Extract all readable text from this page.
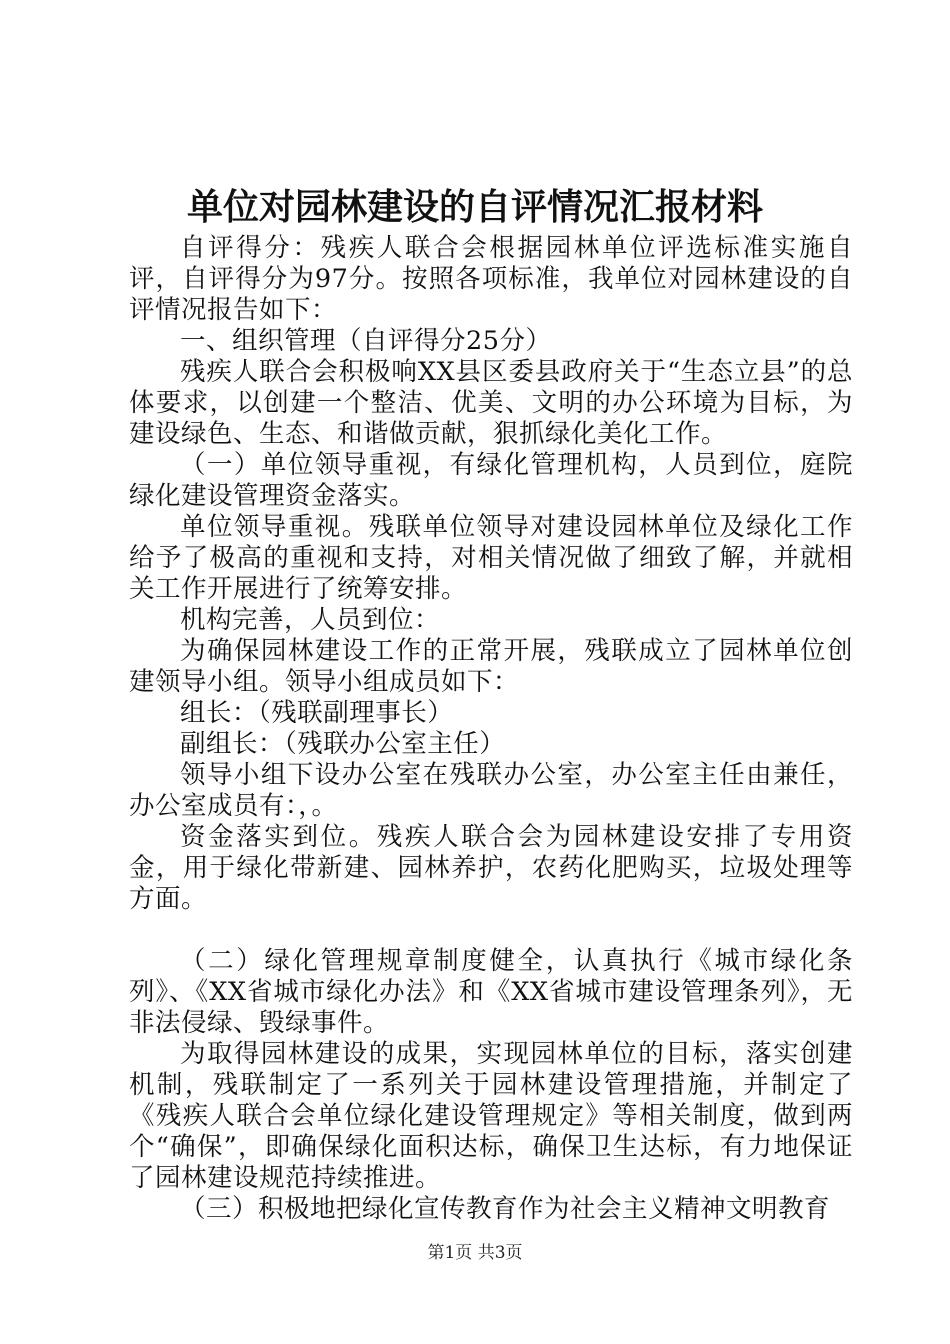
单位对园林建设的自评情况汇报材料

自评得分：残疾人联合会根据园林单位评选标准实施自评，自评得分为97分。按照各项标准，我单位对园林建设的自评情况报告如下：

一、组织管理（自评得分25分）

残疾人联合会积极响XX县区委县政府关于“生态立县”的总体要求，以创建一个整洁、优美、文明的办公环境为目标，为建设绿色、生态、和谐做贡献，狠抓绿化美化工作。

（一）单位领导重视，有绿化管理机构，人员到位，庭院绿化建设管理资金落实。

单位领导重视。残联单位领导对建设园林单位及绿化工作给予了极高的重视和支持，对相关情况做了细致了解，并就相关工作开展进行了统筹安排。

机构完善，人员到位：

为确保园林建设工作的正常开展，残联成立了园林单位创建领导小组。领导小组成员如下：

组长：（残联副理事长）

副组长：（残联办公室主任）

领导小组下设办公室在残联办公室，办公室主任由兼任，办公室成员有：，。

资金落实到位。残疾人联合会为园林建设安排了专用资金，用于绿化带新建、园林养护，农药化肥购买，垃圾处理等方面。

（二）绿化管理规章制度健全，认真执行《城市绿化条列》、《XX省城市绿化办法》和《XX省城市建设管理条列》，无非法侵绿、毁绿事件。

为取得园林建设的成果，实现园林单位的目标，落实创建机制，残联制定了一系列关于园林建设管理措施，并制定了《残疾人联合会单位绿化建设管理规定》等相关制度，做到两个“确保”，即确保绿化面积达标，确保卫生达标，有力地保证了园林建设规范持续推进。

（三）积极地把绿化宣传教育作为社会主义精神文明教育

第1页 共3页
